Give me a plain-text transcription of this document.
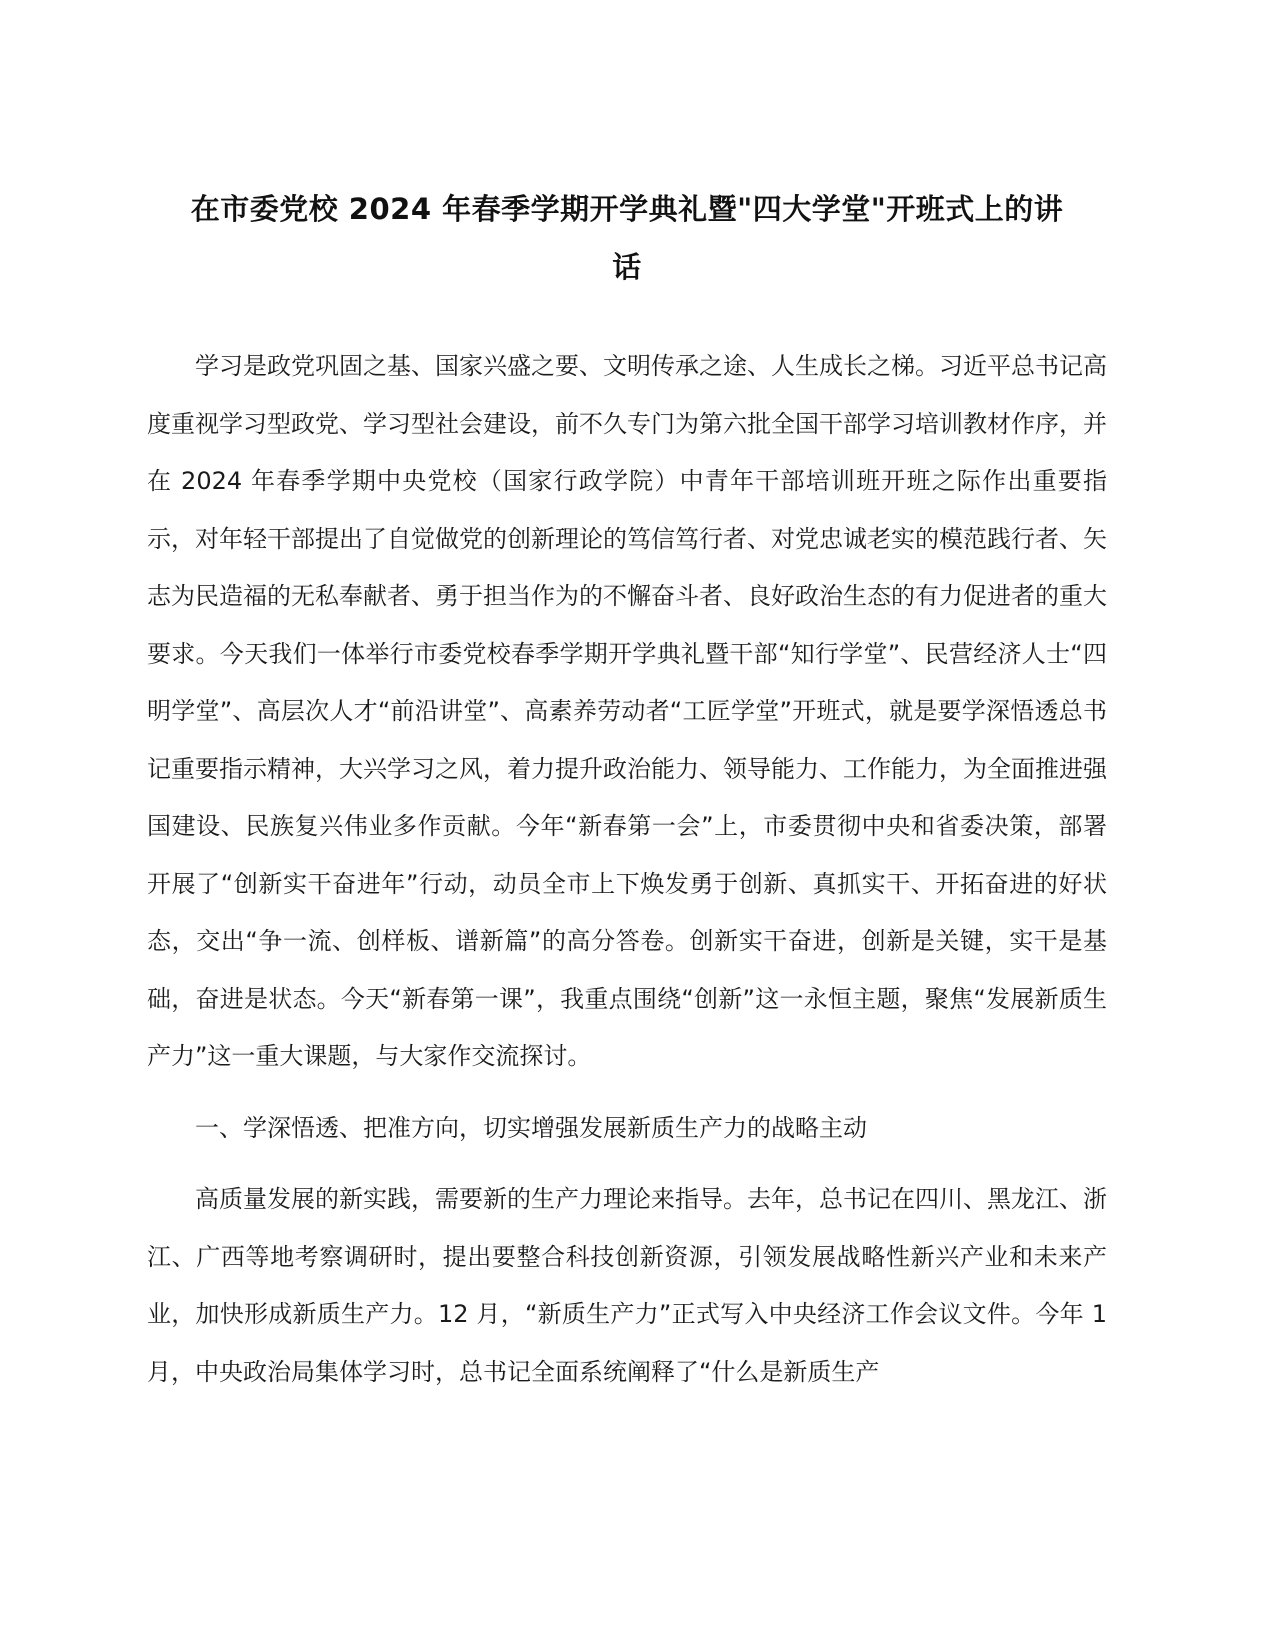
在市委党校 2024 年春季学期开学典礼暨"四大学堂"开班式上的讲
话

学习是政党巩固之基、国家兴盛之要、文明传承之途、人生成长之梯。习近平总书记高度重视学习型政党、学习型社会建设，前不久专门为第六批全国干部学习培训教材作序，并在 2024 年春季学期中央党校（国家行政学院）中青年干部培训班开班之际作出重要指示，对年轻干部提出了自觉做党的创新理论的笃信笃行者、对党忠诚老实的模范践行者、矢志为民造福的无私奉献者、勇于担当作为的不懈奋斗者、良好政治生态的有力促进者的重大要求。今天我们一体举行市委党校春季学期开学典礼暨干部“知行学堂”、民营经济人士“四明学堂”、高层次人才“前沿讲堂”、高素养劳动者“工匠学堂”开班式，就是要学深悟透总书记重要指示精神，大兴学习之风，着力提升政治能力、领导能力、工作能力，为全面推进强国建设、民族复兴伟业多作贡献。今年“新春第一会”上，市委贯彻中央和省委决策，部署开展了“创新实干奋进年”行动，动员全市上下焕发勇于创新、真抓实干、开拓奋进的好状态，交出“争一流、创样板、谱新篇”的高分答卷。创新实干奋进，创新是关键，实干是基础，奋进是状态。今天“新春第一课”，我重点围绕“创新”这一永恒主题，聚焦“发展新质生产力”这一重大课题，与大家作交流探讨。

一、学深悟透、把准方向，切实增强发展新质生产力的战略主动

高质量发展的新实践，需要新的生产力理论来指导。去年，总书记在四川、黑龙江、浙江、广西等地考察调研时，提出要整合科技创新资源，引领发展战略性新兴产业和未来产业，加快形成新质生产力。12 月，“新质生产力”正式写入中央经济工作会议文件。今年 1 月，中央政治局集体学习时，总书记全面系统阐释了“什么是新质生产
